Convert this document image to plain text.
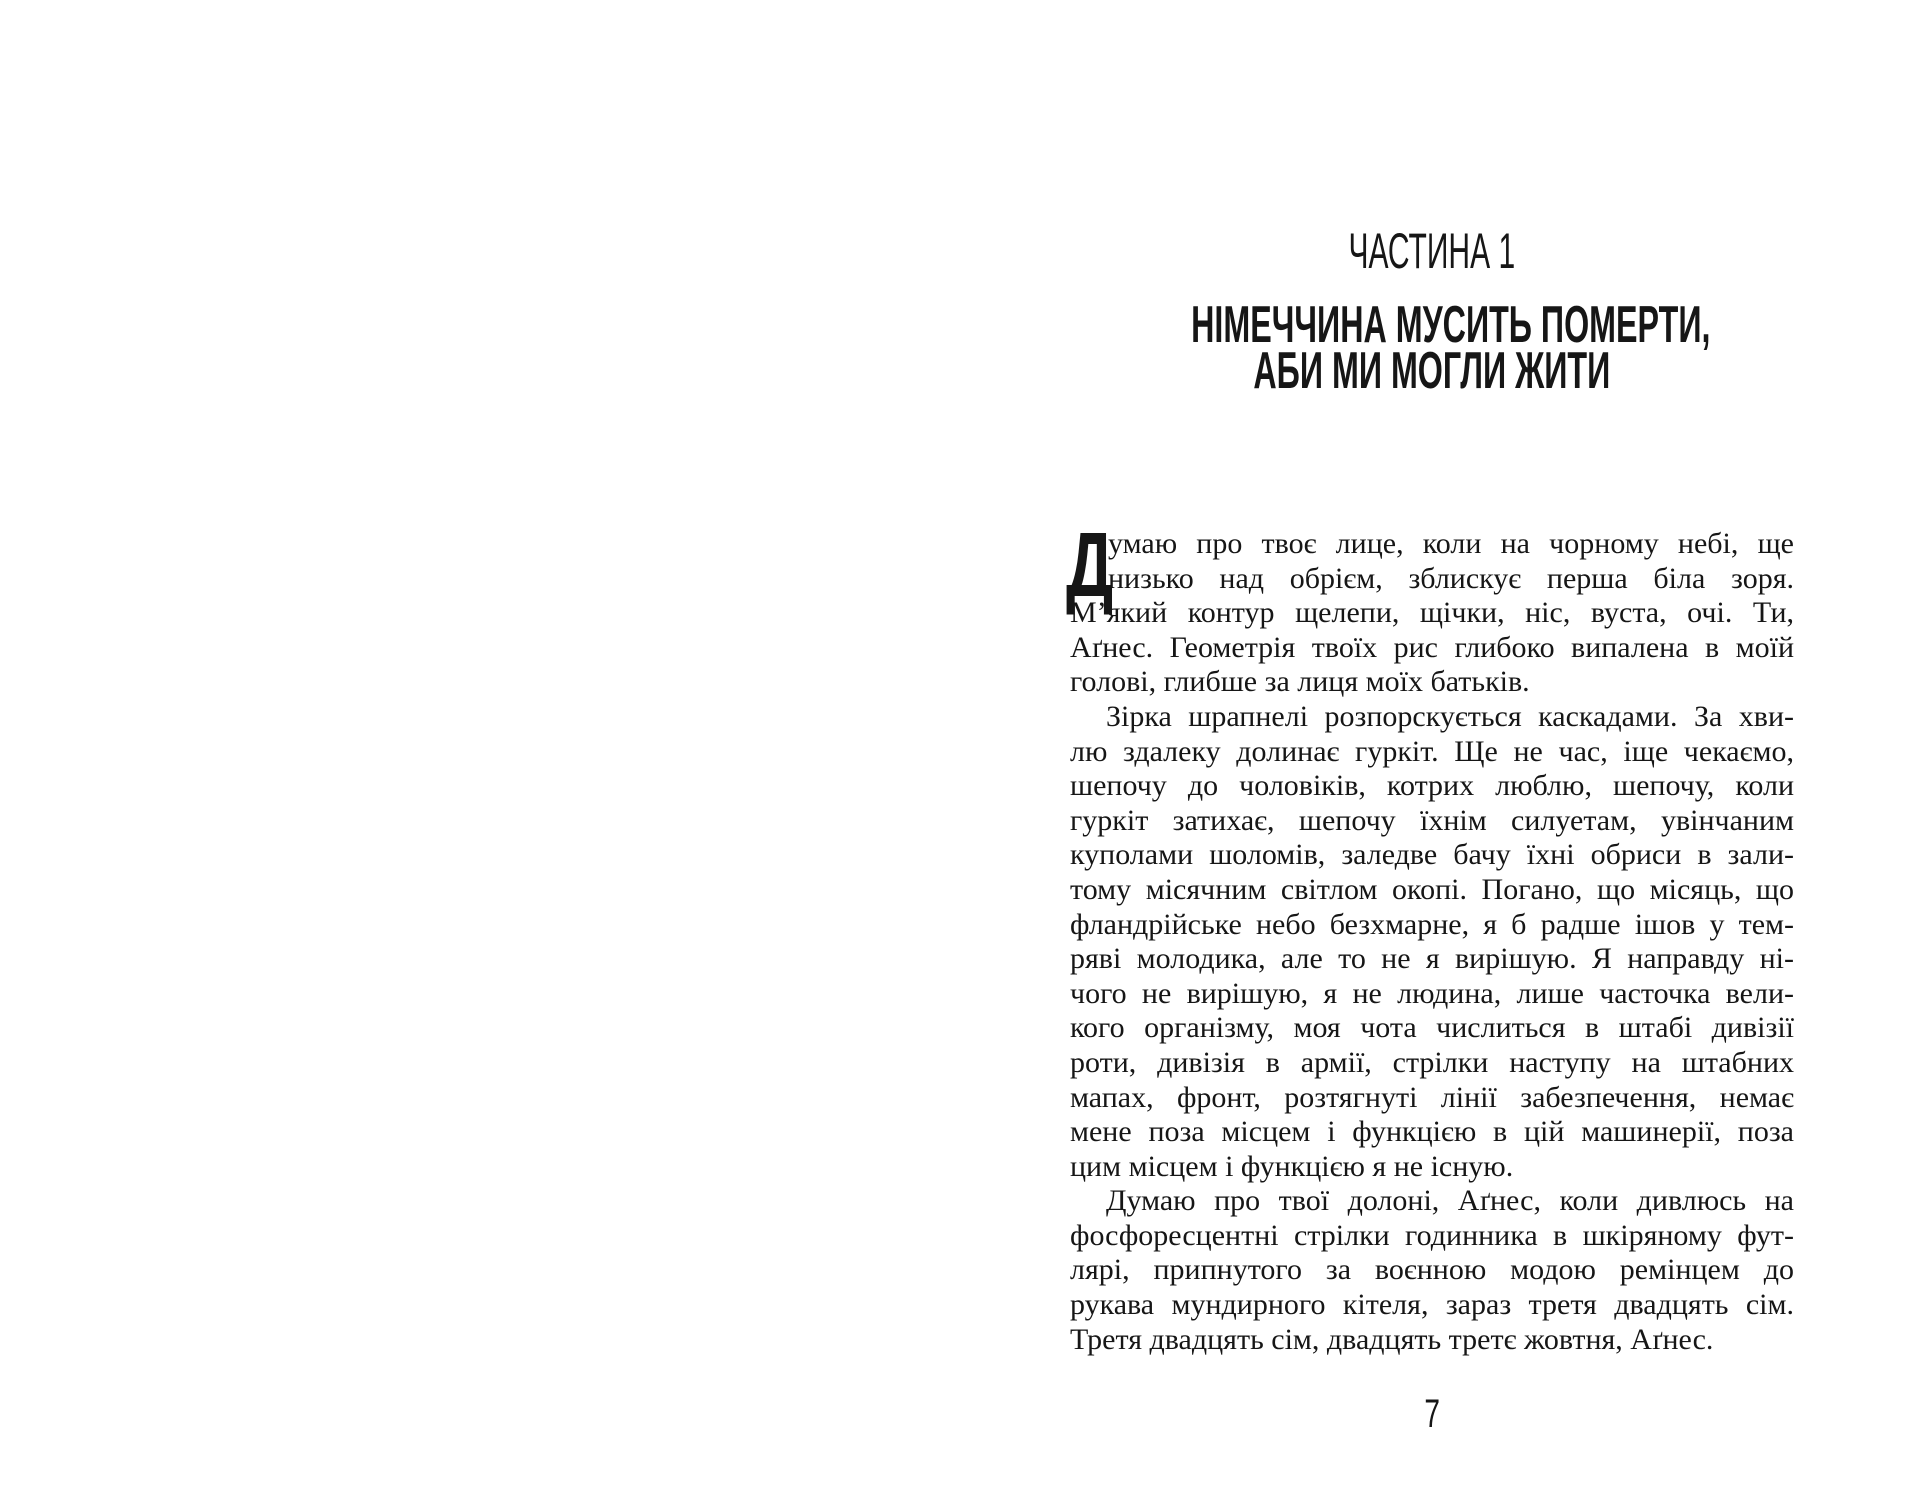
ЧАСТИНА 1
НІМЕЧЧИНА МУСИТЬ ПОМЕРТИ,
АБИ МИ МОГЛИ ЖИТИ
Д
умаю про твоє лице, коли на чорному небі, ще
низько над обрієм, зблискує перша біла зоря.
М’який контур щелепи, щічки, ніс, вуста, очі. Ти,
Аґнес. Геометрія твоїх рис глибоко випалена в моїй
голові, глибше за лиця моїх батьків.
Зірка шрапнелі розпорскується каскадами. За хви-
лю здалеку долинає гуркіт. Ще не час, іще чекаємо,
шепочу до чоловіків, котрих люблю, шепочу, коли
гуркіт затихає, шепочу їхнім силуетам, увінчаним
куполами шоломів, заледве бачу їхні обриси в зали-
тому місячним світлом окопі. Погано, що місяць, що
фландрійське небо безхмарне, я б радше ішов у тем-
ряві молодика, але то не я вирішую. Я направду ні-
чого не вирішую, я не людина, лише часточка вели-
кого організму, моя чота числиться в штабі дивізії
роти, дивізія в армії, стрілки наступу на штабних
мапах, фронт, розтягнуті лінії забезпечення, немає
мене поза місцем і функцією в цій машинерії, поза
цим місцем і функцією я не існую.
Думаю про твої долоні, Аґнес, коли дивлюсь на
фосфоресцентні стрілки годинника в шкіряному фут-
лярі, припнутого за воєнною модою ремінцем до
рукава мундирного кітеля, зараз третя двадцять сім.
Третя двадцять сім, двадцять третє жовтня, Аґнес.
7
